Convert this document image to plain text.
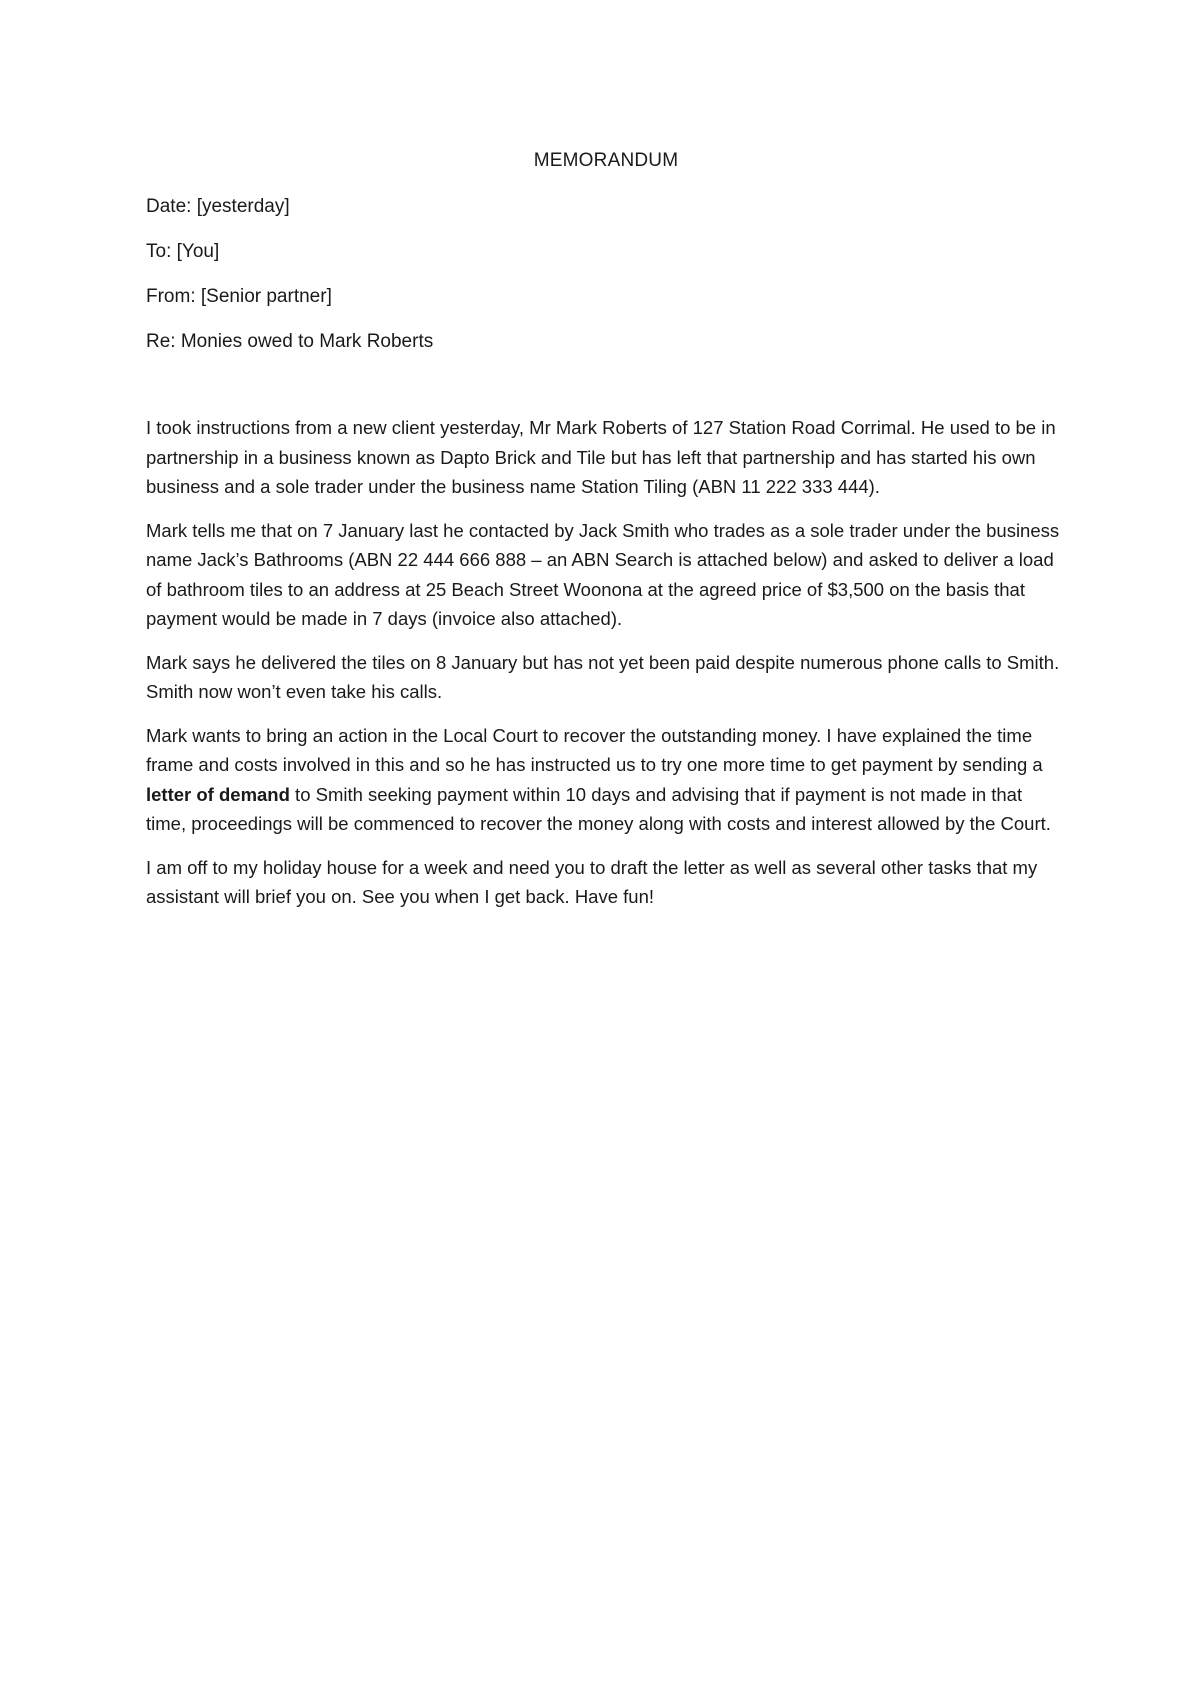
MEMORANDUM
Date: [yesterday]
To: [You]
From: [Senior partner]
Re: Monies owed to Mark Roberts

I took instructions from a new client yesterday, Mr Mark Roberts of 127 Station Road Corrimal. He used to be in partnership in a business known as Dapto Brick and Tile but has left that partnership and has started his own business and a sole trader under the business name Station Tiling (ABN 11 222 333 444).

Mark tells me that on 7 January last he contacted by Jack Smith who trades as a sole trader under the business name Jack’s Bathrooms (ABN 22 444 666 888 – an ABN Search is attached below) and asked to deliver a load of bathroom tiles to an address at 25 Beach Street Woonona at the agreed price of $3,500 on the basis that payment would be made in 7 days (invoice also attached).

Mark says he delivered the tiles on 8 January but has not yet been paid despite numerous phone calls to Smith. Smith now won’t even take his calls.

Mark wants to bring an action in the Local Court to recover the outstanding money. I have explained the time frame and costs involved in this and so he has instructed us to try one more time to get payment by sending a letter of demand to Smith seeking payment within 10 days and advising that if payment is not made in that time, proceedings will be commenced to recover the money along with costs and interest allowed by the Court.

I am off to my holiday house for a week and need you to draft the letter as well as several other tasks that my assistant will brief you on. See you when I get back. Have fun!
